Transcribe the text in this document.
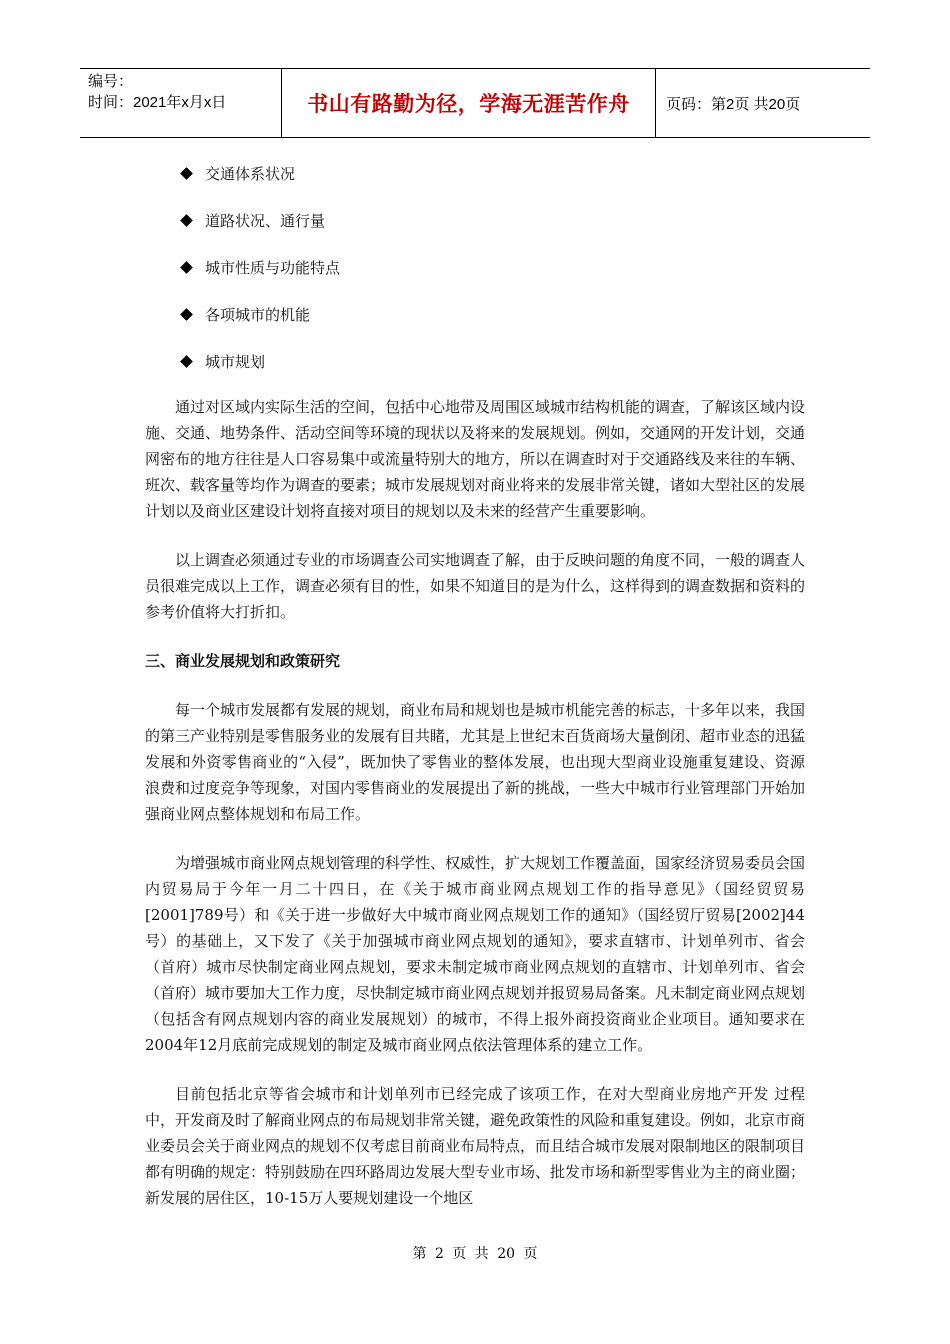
编号：
时间：2021年x月x日	书山有路勤为径，学海无涯苦作舟	页码：第2页 共20页
交通体系状况
道路状况、通行量
城市性质与功能特点
各项城市的机能
城市规划

通过对区域内实际生活的空间，包括中心地带及周围区域城市结构机能的调查，了解该区域内设施、交通、地势条件、活动空间等环境的现状以及将来的发展规划。例如，交通网的开发计划，交通网密布的地方往往是人口容易集中或流量特别大的地方，所以在调查时对于交通路线及来往的车辆、班次、载客量等均作为调查的要素；城市发展规划对商业将来的发展非常关键，诸如大型社区的发展计划以及商业区建设计划将直接对项目的规划以及未来的经营产生重要影响。

以上调查必须通过专业的市场调查公司实地调查了解，由于反映问题的角度不同，一般的调查人员很难完成以上工作，调查必须有目的性，如果不知道目的是为什么，这样得到的调查数据和资料的参考价值将大打折扣。

三、商业发展规划和政策研究

每一个城市发展都有发展的规划，商业布局和规划也是城市机能完善的标志，十多年以来，我国的第三产业特别是零售服务业的发展有目共睹，尤其是上世纪末百货商场大量倒闭、超市业态的迅猛发展和外资零售商业的“入侵”，既加快了零售业的整体发展，也出现大型商业设施重复建设、资源浪费和过度竞争等现象，对国内零售商业的发展提出了新的挑战，一些大中城市行业管理部门开始加强商业网点整体规划和布局工作。

为增强城市商业网点规划管理的科学性、权威性，扩大规划工作覆盖面，国家经济贸易委员会国内贸易局于今年一月二十四日，在《关于城市商业网点规划工作的指导意见》（国经贸贸易[2001]789号）和《关于进一步做好大中城市商业网点规划工作的通知》（国经贸厅贸易[2002]44号）的基础上，又下发了《关于加强城市商业网点规划的通知》，要求直辖市、计划单列市、省会（首府）城市尽快制定商业网点规划，要求未制定城市商业网点规划的直辖市、计划单列市、省会（首府）城市要加大工作力度，尽快制定城市商业网点规划并报贸易局备案。凡未制定商业网点规划（包括含有网点规划内容的商业发展规划）的城市，不得上报外商投资商业企业项目。通知要求在2004年12月底前完成规划的制定及城市商业网点依法管理体系的建立工作。

目前包括北京等省会城市和计划单列市已经完成了该项工作，在对大型商业房地产开发 过程中，开发商及时了解商业网点的布局规划非常关键，避免政策性的风险和重复建设。例如，北京市商业委员会关于商业网点的规划不仅考虑目前商业布局特点，而且结合城市发展对限制地区的限制项目都有明确的规定：特别鼓励在四环路周边发展大型专业市场、批发市场和新型零售业为主的商业圈；新发展的居住区，10-15万人要规划建设一个地区

第 2 页 共 20 页
